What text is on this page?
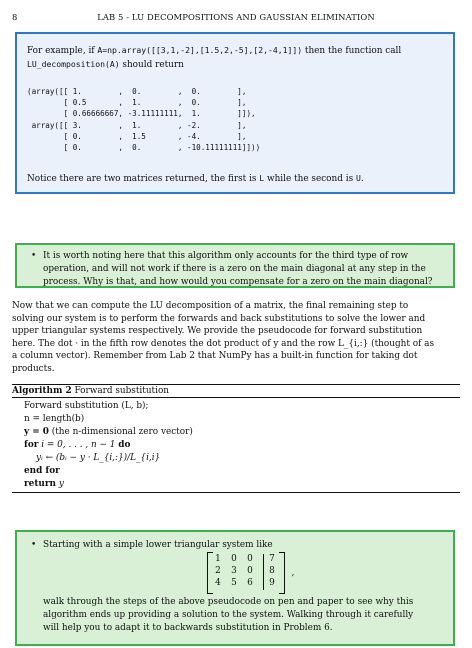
8	LAB 5 - LU DECOMPOSITIONS AND GAUSSIAN ELIMINATION
For example, if A=np.array([[3,1,-2],[1.5,2,-5],[2,-4,1]]) then the function call
LU_decomposition(A) should return
(array([[ 1.        ,  0.        ,  0.        ],
[ 0.5       ,  1.        ,  0.        ],
[ 0.66666667, -3.11111111,  1.        ]]),
array([[ 3.        ,  1.        , -2.        ],
[ 0.        ,  1.5       , -4.        ],
[ 0.        ,  0.        , -10.11111111]]))
Notice there are two matrices returned, the first is L while the second is U.
• It is worth noting here that this algorithm only accounts for the third type of row
operation, and will not work if there is a zero on the main diagonal at any step in the
process. Why is that, and how would you compensate for a zero on the main diagonal?
Now that we can compute the LU decomposition of a matrix, the final remaining step to
solving our system is to perform the forwards and back substitutions to solve the lower and
upper triangular systems respectively. We provide the pseudocode for forward substitution
here. The dot · in the fifth row denotes the dot product of y and the row L_{i,:} (thought of as
a column vector). Remember from Lab 2 that NumPy has a built-in function for taking dot
products.
Algorithm 2 Forward substitution
Forward substitution (L, b);
n = length(b)
y = 0 (the n-dimensional zero vector)
for i = 0, . . . , n − 1 do
yᵢ ← (bᵢ − y · L_{i,:})/L_{i,i}
end for
return y
• Starting with a simple lower triangular system like
1 0 0 7
2 3 0 8
4 5 6 9
,
walk through the steps of the above pseudocode on pen and paper to see why this
algorithm ends up providing a solution to the system. Walking through it carefully
will help you to adapt it to backwards substitution in Problem 6.
